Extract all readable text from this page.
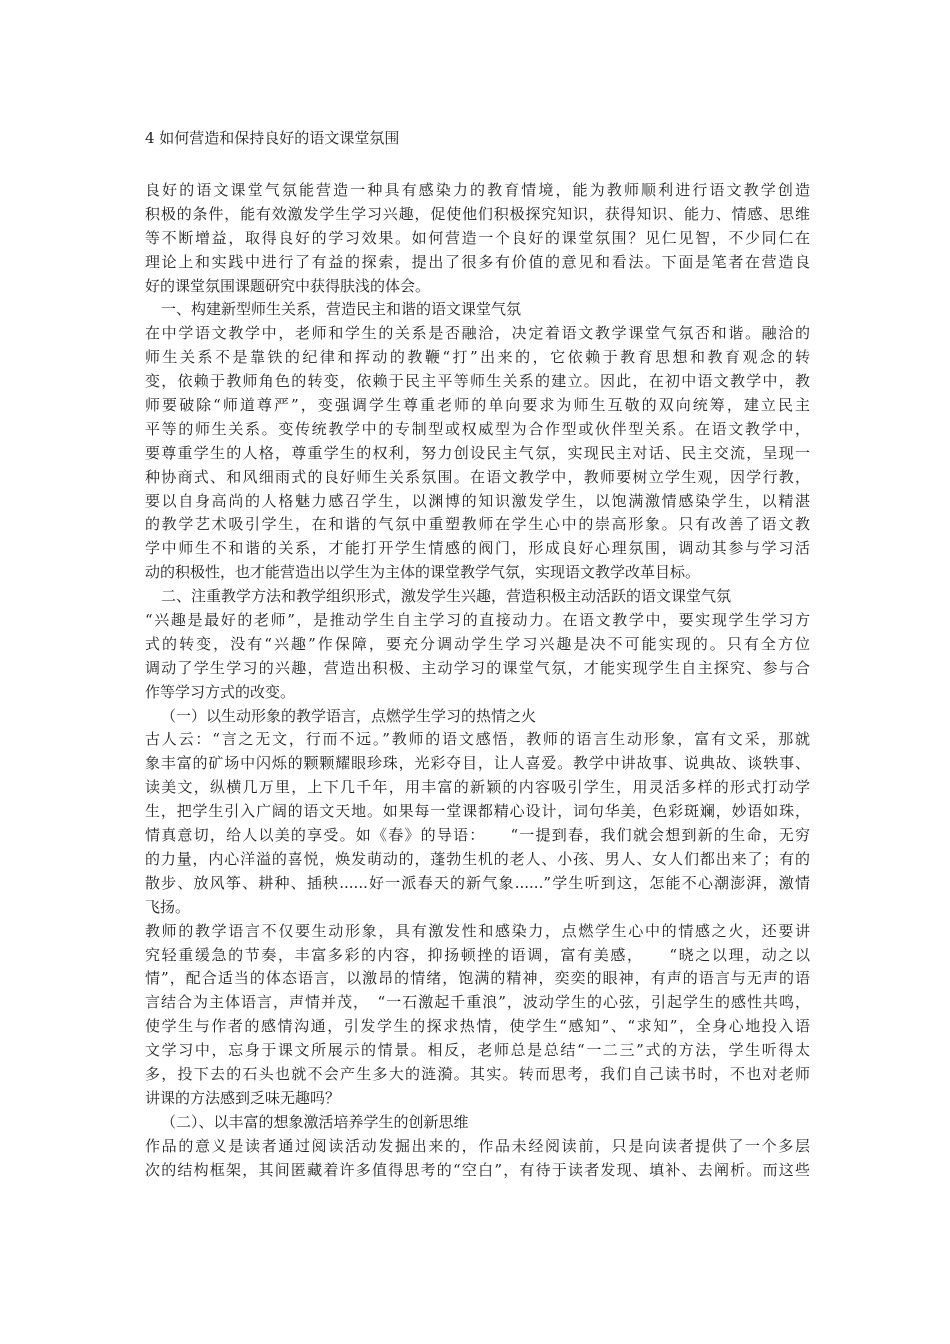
4 如何营造和保持良好的语文课堂氛围
良好的语文课堂气氛能营造一种具有感染力的教育情境，能为教师顺利进行语文教学创造
积极的条件，能有效激发学生学习兴趣，促使他们积极探究知识，获得知识、能力、情感、思维
等不断增益，取得良好的学习效果。如何营造一个良好的课堂氛围？见仁见智，不少同仁在
理论上和实践中进行了有益的探索，提出了很多有价值的意见和看法。下面是笔者在营造良
好的课堂氛围课题研究中获得肤浅的体会。
一、构建新型师生关系，营造民主和谐的语文课堂气氛
在中学语文教学中，老师和学生的关系是否融洽，决定着语文教学课堂气氛否和谐。融洽的
师生关系不是靠铁的纪律和挥动的教鞭“打”出来的，它依赖于教育思想和教育观念的转
变，依赖于教师角色的转变，依赖于民主平等师生关系的建立。因此，在初中语文教学中，教
师要破除“师道尊严”，变强调学生尊重老师的单向要求为师生互敬的双向统筹，建立民主
平等的师生关系。变传统教学中的专制型或权威型为合作型或伙伴型关系。在语文教学中，
要尊重学生的人格，尊重学生的权利，努力创设民主气氛，实现民主对话、民主交流，呈现一
种协商式、和风细雨式的良好师生关系氛围。在语文教学中，教师要树立学生观，因学行教，
要以自身高尚的人格魅力感召学生，以渊博的知识激发学生，以饱满激情感染学生，以精湛
的教学艺术吸引学生，在和谐的气氛中重塑教师在学生心中的崇高形象。只有改善了语文教
学中师生不和谐的关系，才能打开学生情感的阀门，形成良好心理氛围，调动其参与学习活
动的积极性，也才能营造出以学生为主体的课堂教学气氛，实现语文教学改革目标。
二、注重教学方法和教学组织形式，激发学生兴趣，营造积极主动活跃的语文课堂气氛
“兴趣是最好的老师”，是推动学生自主学习的直接动力。在语文教学中，要实现学生学习方
式的转变，没有“兴趣”作保障，要充分调动学生学习兴趣是决不可能实现的。只有全方位
调动了学生学习的兴趣，营造出积极、主动学习的课堂气氛，才能实现学生自主探究、参与合
作等学习方式的改变。
（一）以生动形象的教学语言，点燃学生学习的热情之火
古人云：“言之无文，行而不远。”教师的语文感悟，教师的语言生动形象，富有文采，那就
象丰富的矿场中闪烁的颗颗耀眼珍珠，光彩夺目，让人喜爱。教学中讲故事、说典故、谈轶事、
读美文，纵横几万里，上下几千年，用丰富的新颖的内容吸引学生，用灵活多样的形式打动学
生，把学生引入广阔的语文天地。如果每一堂课都精心设计，词句华美，色彩斑斓，妙语如珠，
情真意切，给人以美的享受。如《春》的导语：　　“一提到春，我们就会想到新的生命，无穷
的力量，内心洋溢的喜悦，焕发萌动的，蓬勃生机的老人、小孩、男人、女人们都出来了；有的
散步、放风筝、耕种、插秧......好一派春天的新气象......”学生听到这，怎能不心潮澎湃，激情
飞扬。
教师的教学语言不仅要生动形象，具有激发性和感染力，点燃学生心中的情感之火，还要讲
究轻重缓急的节奏，丰富多彩的内容，抑扬顿挫的语调，富有美感，　　“晓之以理，动之以
情”，配合适当的体态语言，以激昂的情绪，饱满的精神，奕奕的眼神，有声的语言与无声的语
言结合为主体语言，声情并茂，　“一石激起千重浪”，波动学生的心弦，引起学生的感性共鸣，
使学生与作者的感情沟通，引发学生的探求热情，使学生“感知”、“求知”，全身心地投入语
文学习中，忘身于课文所展示的情景。相反，老师总是总结“一二三”式的方法，学生听得太
多，投下去的石头也就不会产生多大的涟漪。其实。转而思考，我们自己读书时，不也对老师
讲课的方法感到乏味无趣吗？
（二）、以丰富的想象激活培养学生的创新思维
作品的意义是读者通过阅读活动发掘出来的，作品未经阅读前，只是向读者提供了一个多层
次的结构框架，其间匿藏着许多值得思考的“空白”，有待于读者发现、填补、去阐析。而这些
